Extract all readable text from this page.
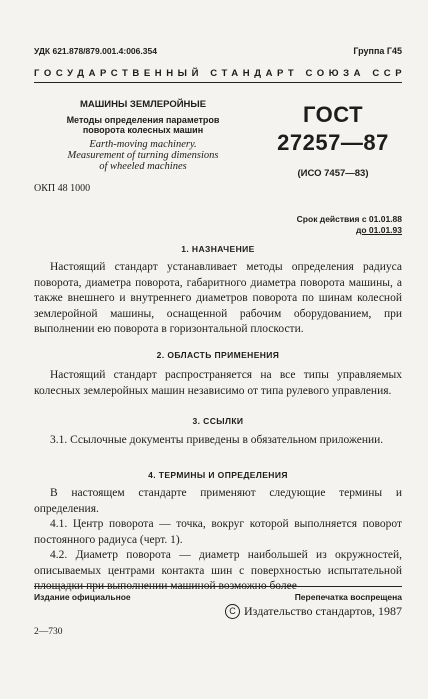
УДК 621.878/879.001.4:006.354	Группа Г45
ГОСУДАРСТВЕННЫЙ СТАНДАРТ СОЮЗА ССР
МАШИНЫ ЗЕМЛЕРОЙНЫЕ
Методы определения параметров
поворота колесных машин
Earth-moving machinery.
Measurement of turning dimensions
of wheeled machines
ОКП 48 1000
ГОСТ
27257—87
(ИСО 7457—83)
Срок действия с 01.01.88
до 01.01.93
1. НАЗНАЧЕНИЕ

Настоящий стандарт устанавливает методы определения радиуса поворота, диаметра поворота, габаритного диаметра поворота машины, а также внешнего и внутреннего диаметров поворота по шинам колесной землеройной машины, оснащенной рабочим оборудованием, при выполнении ею поворота в горизонтальной плоскости.

2. ОБЛАСТЬ ПРИМЕНЕНИЯ

Настоящий стандарт распространяется на все типы управляемых колесных землеройных машин независимо от типа рулевого управления.

3. ССЫЛКИ

3.1. Ссылочные документы приведены в обязательном приложении.

4. ТЕРМИНЫ И ОПРЕДЕЛЕНИЯ

В настоящем стандарте применяют следующие термины и определения.

4.1. Центр поворота — точка, вокруг которой выполняется поворот постоянного радиуса (черт. 1).

4.2. Диаметр поворота — диаметр наибольшей из окружностей, описываемых центрами контакта шин с поверхностью испытательной площадки при выполнении машиной возможно более

Издание официальное	Перепечатка воспрещена
C Издательство стандартов, 1987
2—730
